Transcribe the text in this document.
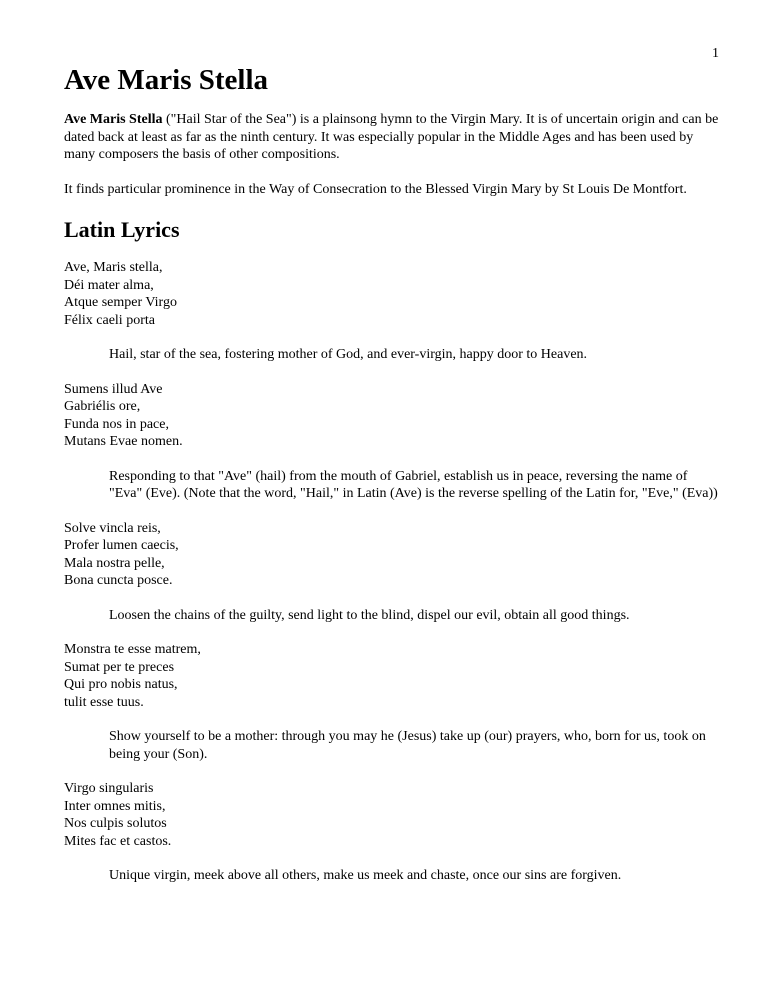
1
Ave Maris Stella

Ave Maris Stella ("Hail Star of the Sea") is a plainsong hymn to the Virgin Mary. It is of uncertain origin and can be dated back at least as far as the ninth century. It was especially popular in the Middle Ages and has been used by many composers the basis of other compositions.

It finds particular prominence in the Way of Consecration to the Blessed Virgin Mary by St Louis De Montfort.

Latin Lyrics

Ave, Maris stella,
Déi mater alma,
Atque semper Virgo
Félix caeli porta

Hail, star of the sea, fostering mother of God, and ever-virgin, happy door to Heaven.

Sumens illud Ave
Gabriélis ore,
Funda nos in pace,
Mutans Evae nomen.

Responding to that "Ave" (hail) from the mouth of Gabriel, establish us in peace, reversing the name of "Eva" (Eve). (Note that the word, "Hail," in Latin (Ave) is the reverse spelling of the Latin for, "Eve," (Eva))

Solve vincla reis,
Profer lumen caecis,
Mala nostra pelle,
Bona cuncta posce.

Loosen the chains of the guilty, send light to the blind, dispel our evil, obtain all good things.

Monstra te esse matrem,
Sumat per te preces
Qui pro nobis natus,
tulit esse tuus.

Show yourself to be a mother: through you may he (Jesus) take up (our) prayers, who, born for us, took on being your (Son).

Virgo singularis
Inter omnes mitis,
Nos culpis solutos
Mites fac et castos.

Unique virgin, meek above all others, make us meek and chaste, once our sins are forgiven.
